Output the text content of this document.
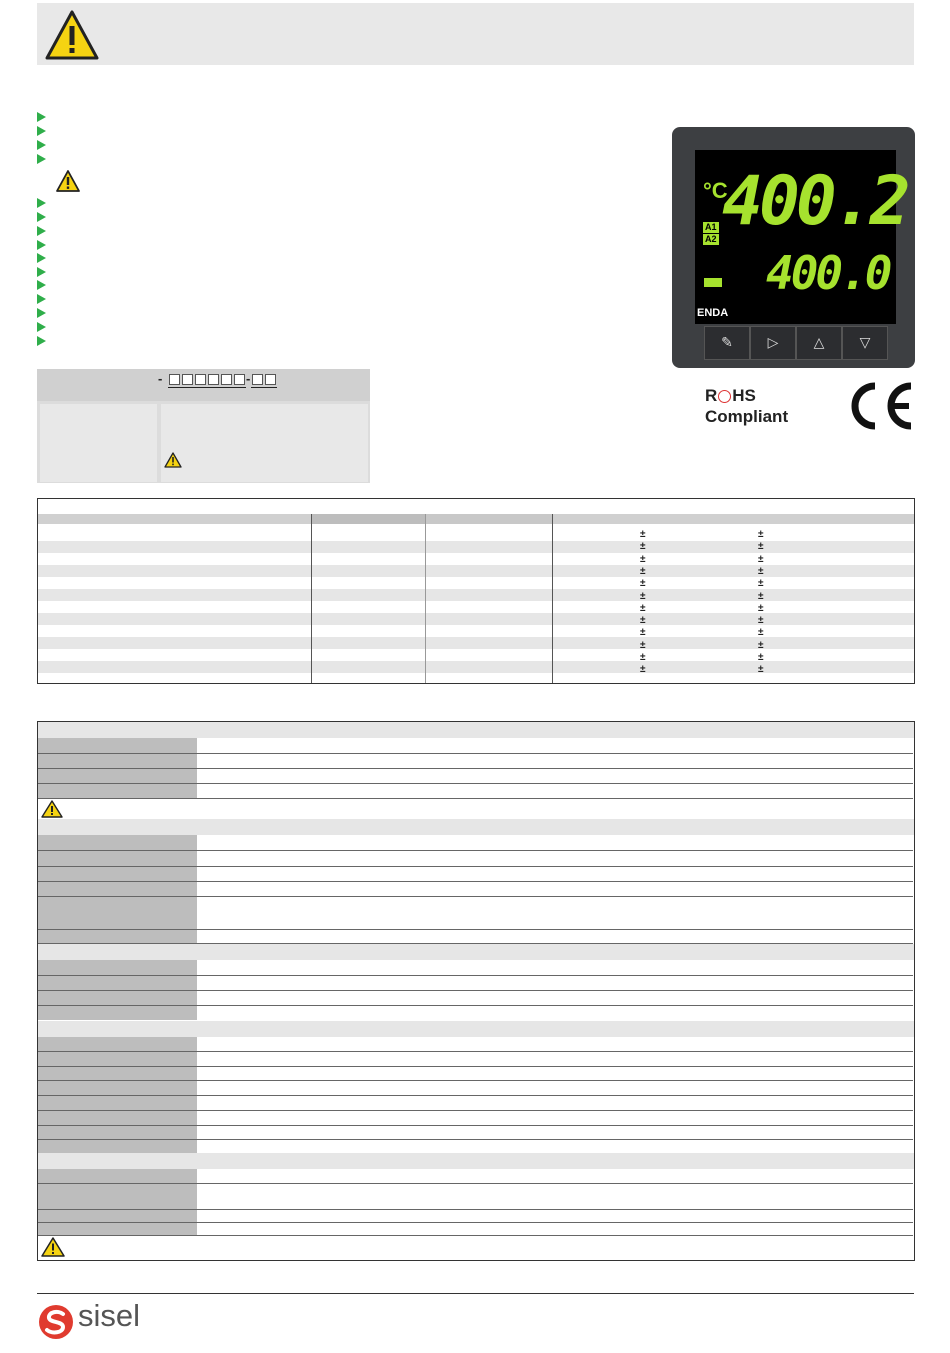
-	-
°C
400.2
400.0
A1
A2
ENDA
✎	▷	△	▽
R HS
Compliant
±	±
±	±
±	±
±	±
±	±
±	±
±	±
±	±
±	±
±	±
±	±
±	±
sisel
